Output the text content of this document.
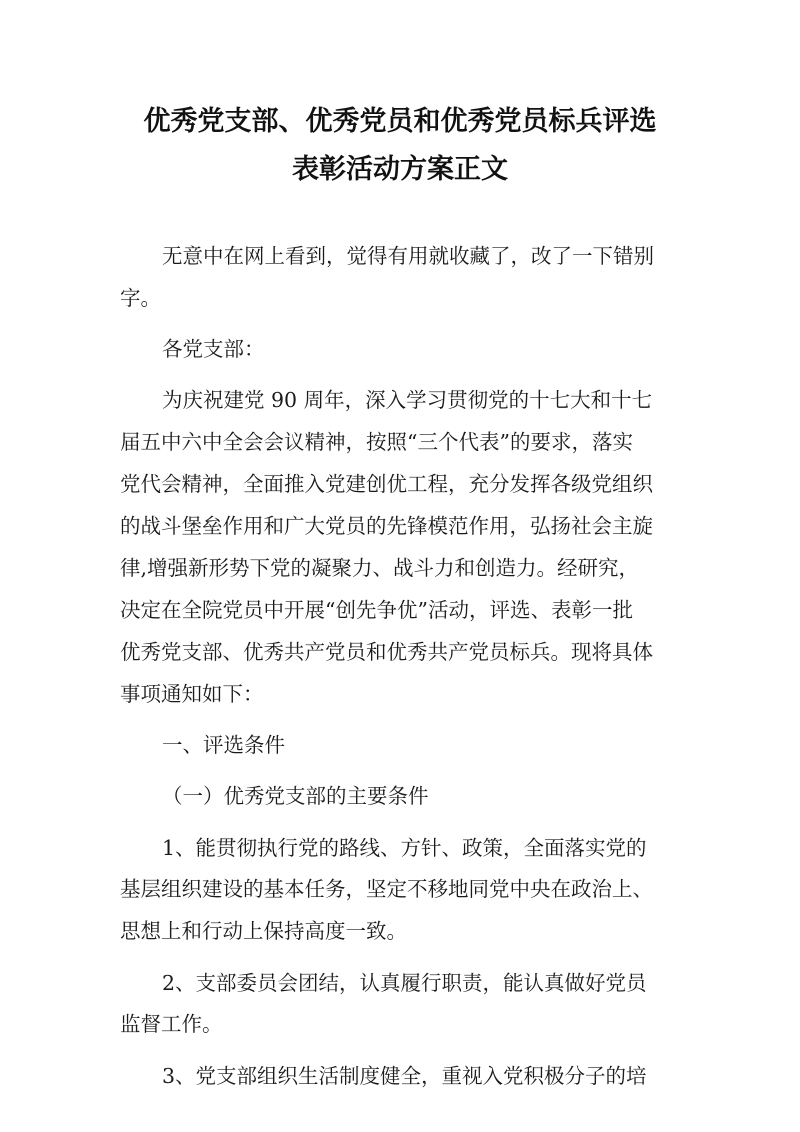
优秀党支部、优秀党员和优秀党员标兵评选
表彰活动方案正文
无意中在网上看到，觉得有用就收藏了，改了一下错别
字。
各党支部：
为庆祝建党 90 周年，深入学习贯彻党的十七大和十七
届五中六中全会会议精神，按照“三个代表”的要求，落实
党代会精神，全面推入党建创优工程，充分发挥各级党组织
的战斗堡垒作用和广大党员的先锋模范作用，弘扬社会主旋
律,增强新形势下党的凝聚力、战斗力和创造力。经研究，
决定在全院党员中开展“创先争优”活动，评选、表彰一批
优秀党支部、优秀共产党员和优秀共产党员标兵。现将具体
事项通知如下：
一、评选条件
（一）优秀党支部的主要条件
1、能贯彻执行党的路线、方针、政策，全面落实党的
基层组织建设的基本任务，坚定不移地同党中央在政治上、
思想上和行动上保持高度一致。
2、支部委员会团结，认真履行职责，能认真做好党员
监督工作。
3、党支部组织生活制度健全，重视入党积极分子的培
